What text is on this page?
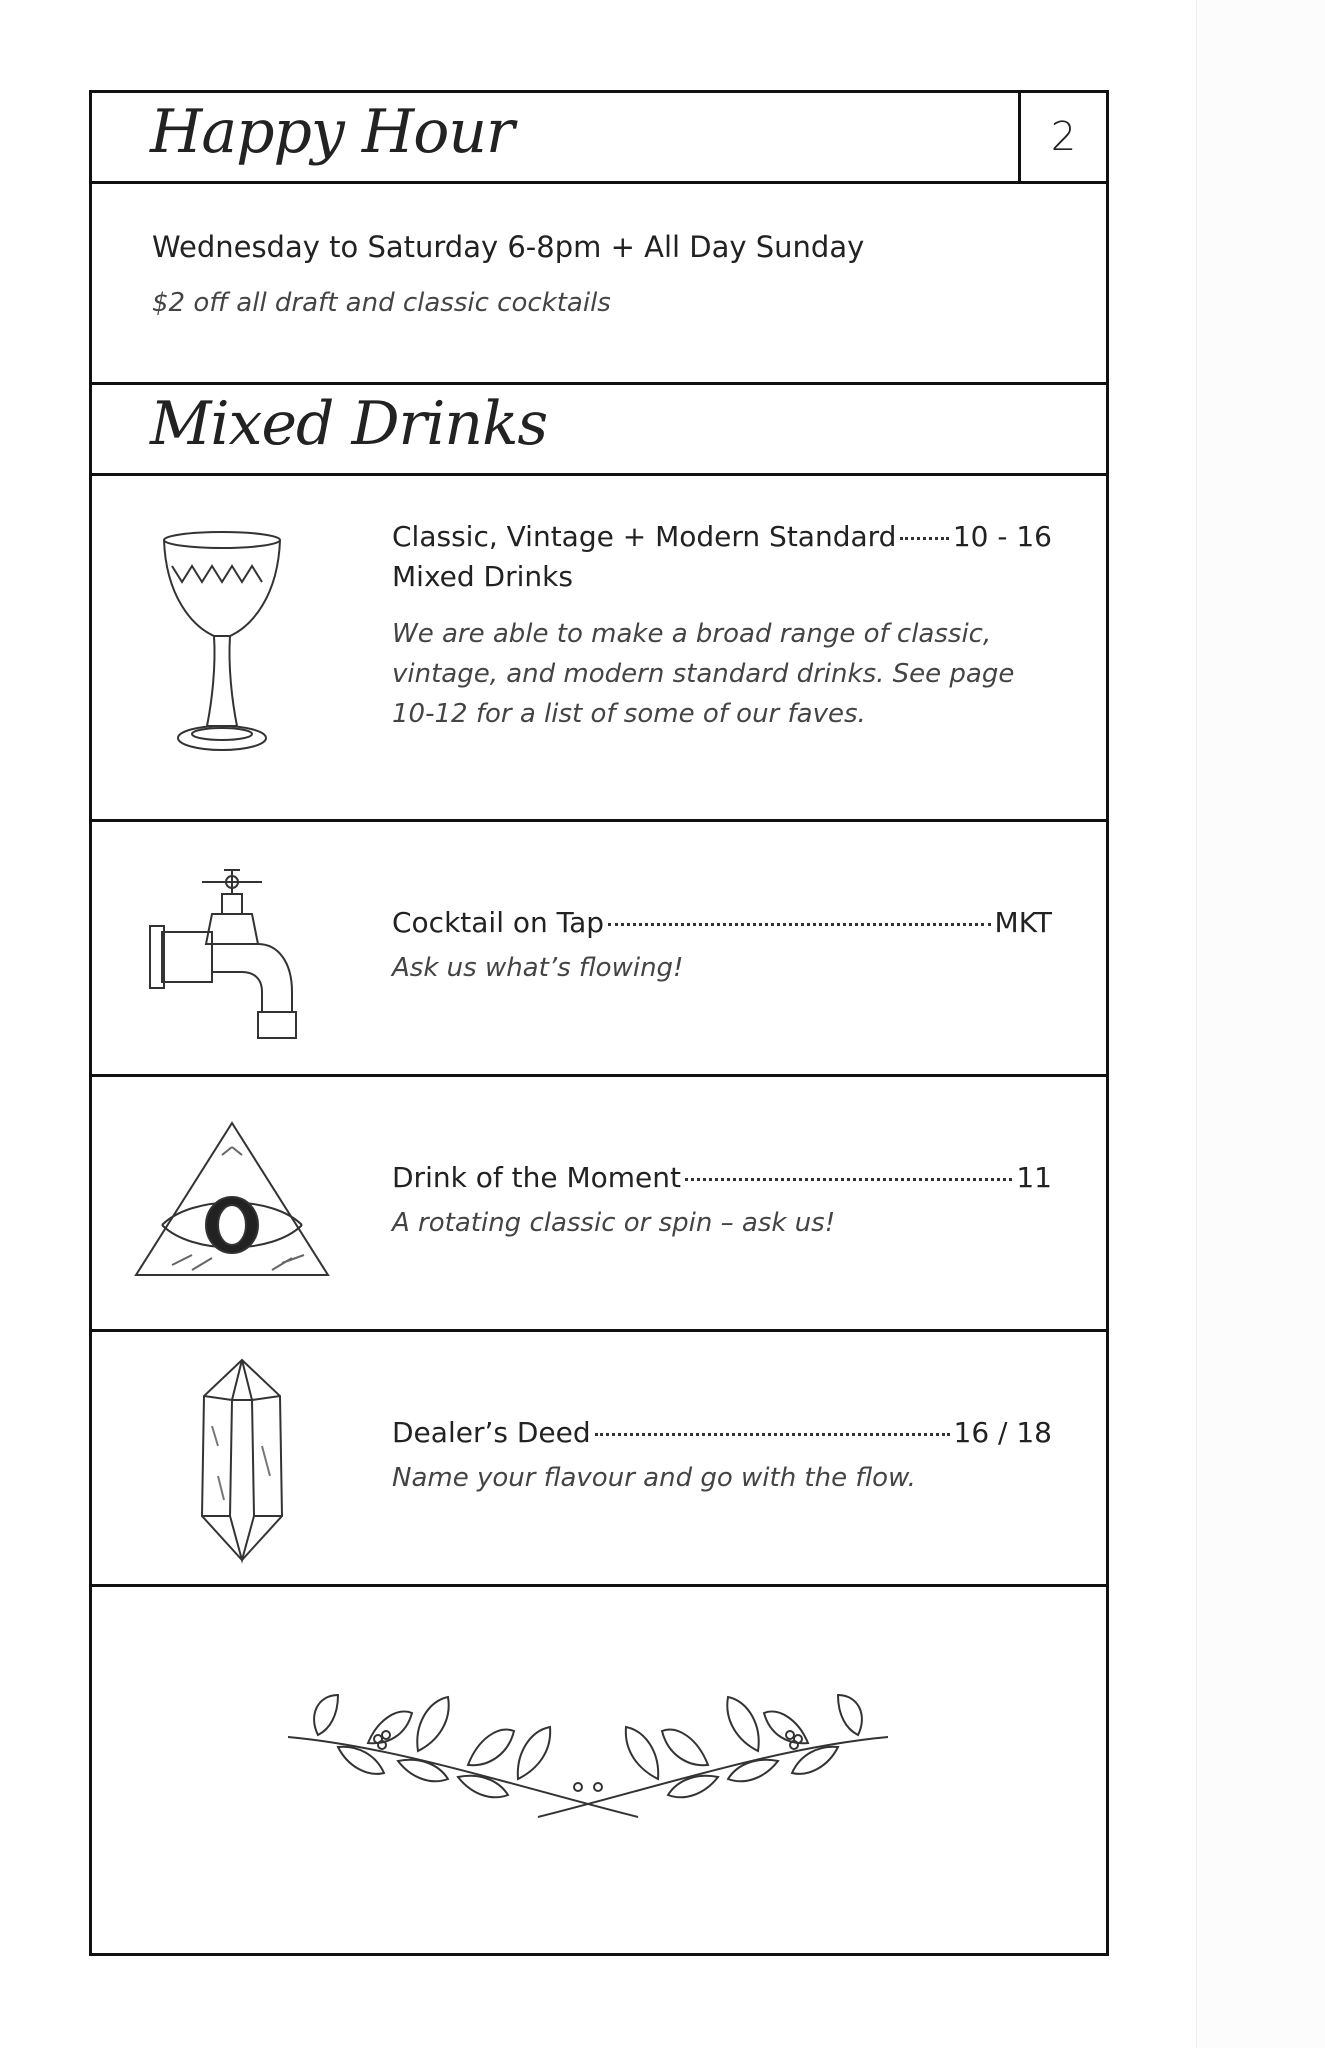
Happy Hour	2
Wednesday to Saturday 6-8pm + All Day Sunday
$2 off all draft and classic cocktails
Mixed Drinks
Classic, Vintage + Modern Standard 10 - 16
Mixed Drinks
We are able to make a broad range of classic, vintage, and modern standard drinks. See page 10-12 for a list of some of our faves.
Cocktail on Tap	MKT
Ask us what’s flowing!
Drink of the Moment	11
A rotating classic or spin – ask us!
Dealer’s Deed	16 / 18
Name your flavour and go with the flow.
